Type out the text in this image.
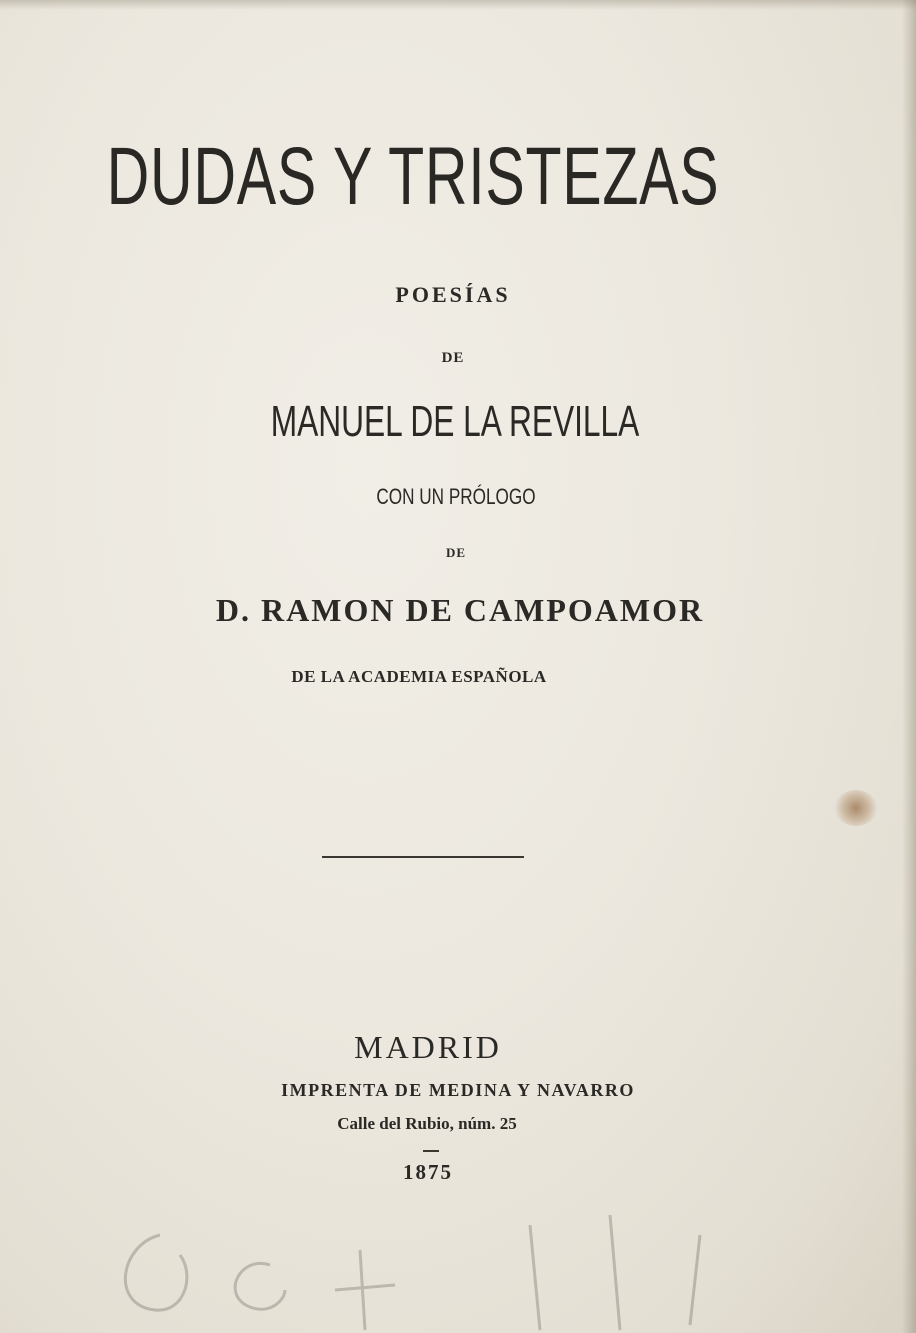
DUDAS Y TRISTEZAS
POESÍAS
DE
MANUEL DE LA REVILLA
CON UN PRÓLOGO
DE
D. RAMON DE CAMPOAMOR
DE LA ACADEMIA ESPAÑOLA
MADRID
IMPRENTA DE MEDINA Y NAVARRO
Calle del Rubio, núm. 25
1875
